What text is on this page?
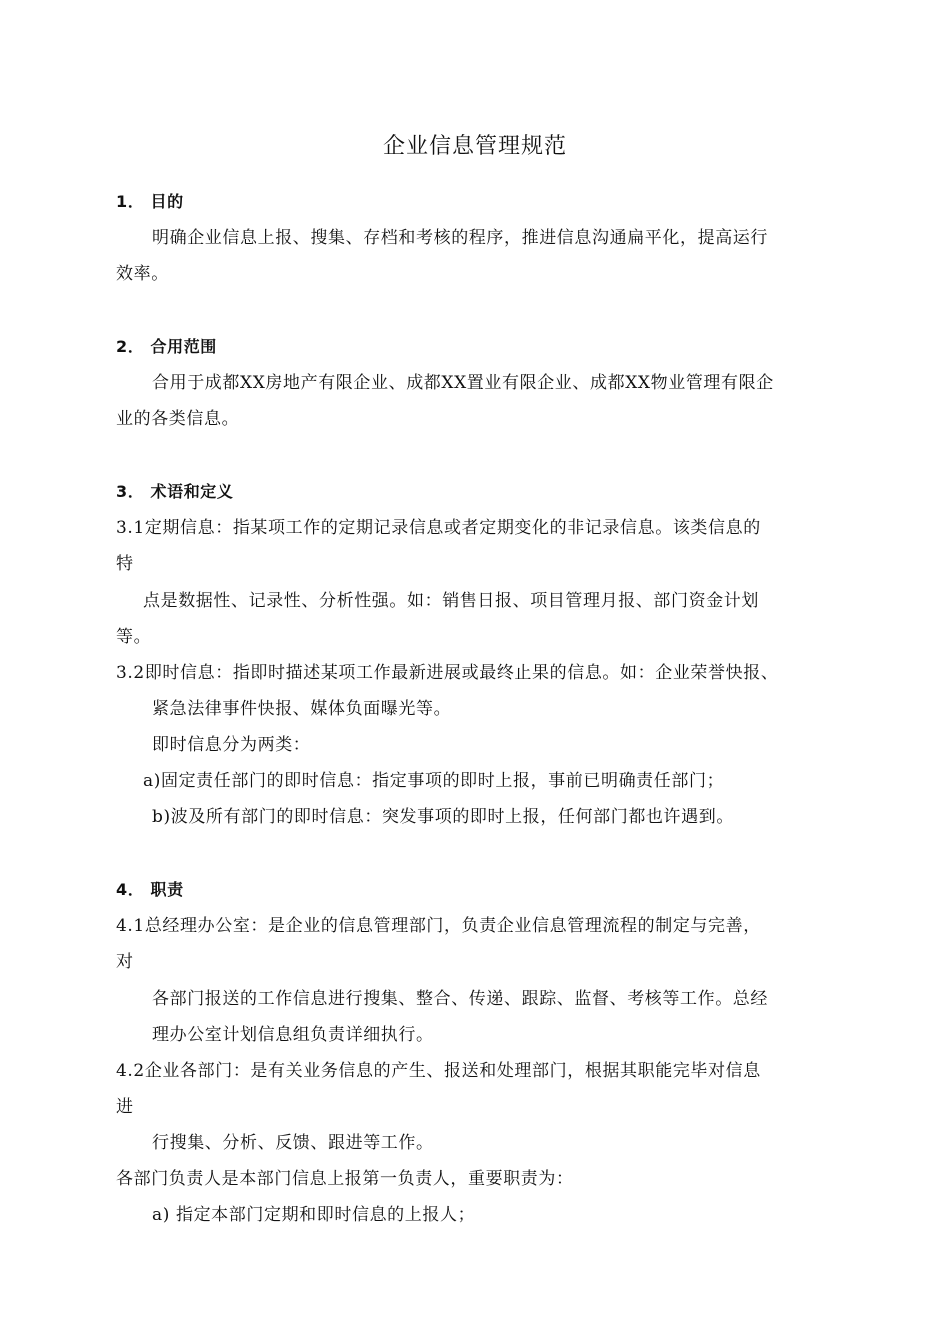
企业信息管理规范
1． 目的
明确企业信息上报、搜集、存档和考核的程序，推进信息沟通扁平化，提高运行
效率。
2． 合用范围
合用于成都XX房地产有限企业、成都XX置业有限企业、成都XX物业管理有限企
业的各类信息。
3． 术语和定义
3.1定期信息：指某项工作的定期记录信息或者定期变化的非记录信息。该类信息的
特
点是数据性、记录性、分析性强。如：销售日报、项目管理月报、部门资金计划
等。
3.2即时信息：指即时描述某项工作最新进展或最终止果的信息。如：企业荣誉快报、
紧急法律事件快报、媒体负面曝光等。
即时信息分为两类：
a)固定责任部门的即时信息：指定事项的即时上报，事前已明确责任部门；
b)波及所有部门的即时信息：突发事项的即时上报，任何部门都也许遇到。
4． 职责
4.1总经理办公室：是企业的信息管理部门，负责企业信息管理流程的制定与完善，
对
各部门报送的工作信息进行搜集、整合、传递、跟踪、监督、考核等工作。总经
理办公室计划信息组负责详细执行。
4.2企业各部门：是有关业务信息的产生、报送和处理部门，根据其职能完毕对信息
进
行搜集、分析、反馈、跟进等工作。
各部门负责人是本部门信息上报第一负责人，重要职责为：
a) 指定本部门定期和即时信息的上报人；
